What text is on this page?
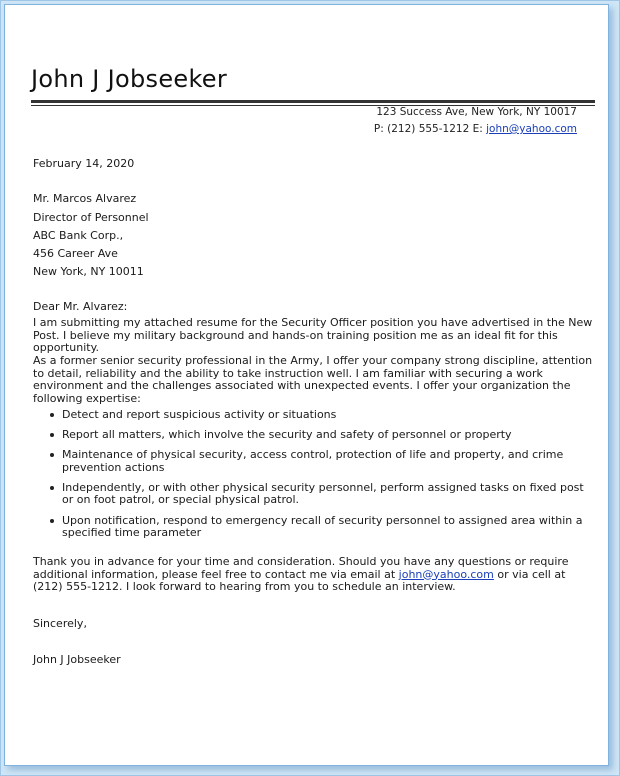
John J Jobseeker
123 Success Ave, New York, NY 10017
P: (212) 555-1212 E: john@yahoo.com
February 14, 2020
Mr. Marcos Alvarez
Director of Personnel
ABC Bank Corp.,
456 Career Ave
New York, NY 10011
Dear Mr. Alvarez:
I am submitting my attached resume for the Security Officer position you have advertised in the New Post. I believe my military background and hands-on training position me as an ideal fit for this opportunity.
As a former senior security professional in the Army, I offer your company strong discipline, attention to detail, reliability and the ability to take instruction well. I am familiar with securing a work environment and the challenges associated with unexpected events. I offer your organization the following expertise:
Detect and report suspicious activity or situations
Report all matters, which involve the security and safety of personnel or property
Maintenance of physical security, access control, protection of life and property, and crime prevention actions
Independently, or with other physical security personnel, perform assigned tasks on fixed post or on foot patrol, or special physical patrol.
Upon notification, respond to emergency recall of security personnel to assigned area within a specified time parameter
Thank you in advance for your time and consideration. Should you have any questions or require additional information, please feel free to contact me via email at john@yahoo.com or via cell at (212) 555-1212. I look forward to hearing from you to schedule an interview.
Sincerely,
John J Jobseeker
